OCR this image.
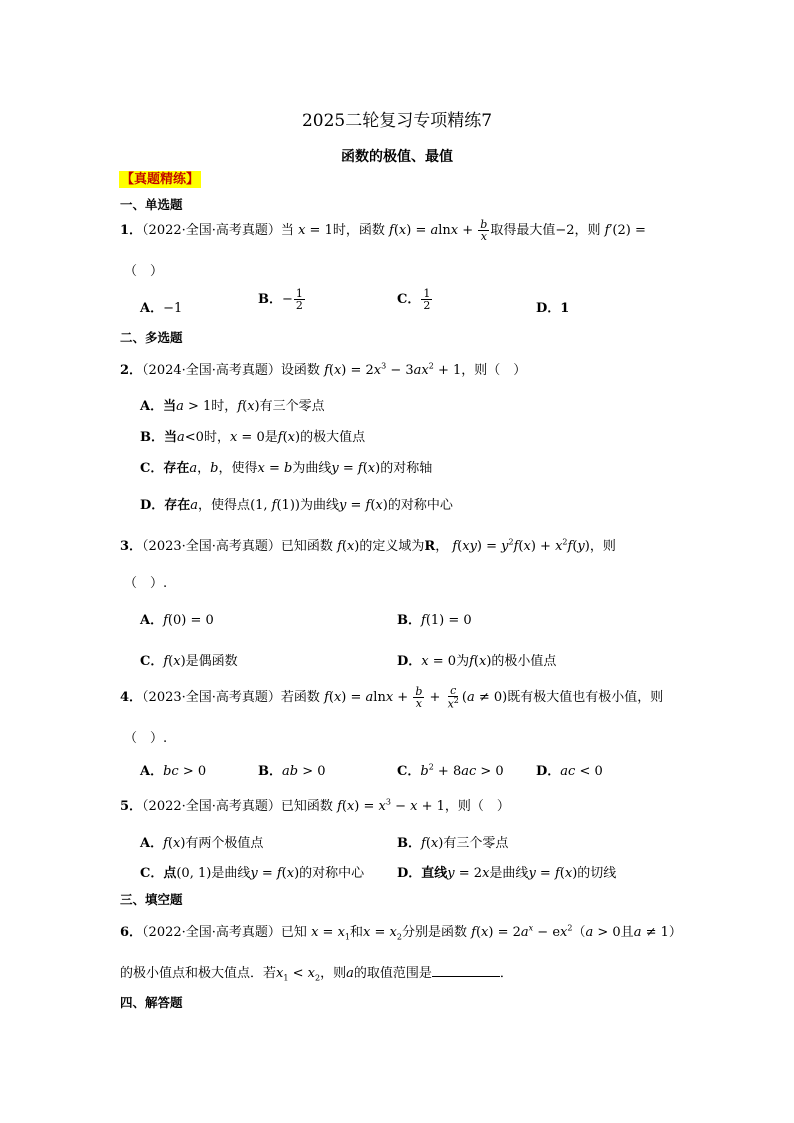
2025二轮复习专项精练7
函数的极值、最值
【真题精练】
一、单选题
1．（2022·全国·高考真题）当 x = 1时，函数 $f(x) = alnx + \frac{b}{x}$ 取得最大值−2，则 f′(2) =
（　）
A．−1
B．− $\frac{1}{2}$	C． $\frac{1}{2}$	D．1
二、多选题
2．（2024·全国·高考真题）设函数 $f(x) = 2x^3 - 3ax^2 + 1$，则（　）
A．当a > 1时，f(x)有三个零点
B．当a<0时，x = 0是f(x)的极大值点
C．存在a，b，使得x = b为曲线y = f(x)的对称轴
D．存在a，使得点(1, f(1))为曲线y = f(x)的对称中心
3．（2023·全国·高考真题）已知函数 f(x)的定义域为R， $f(xy) = y^2f(x) + x^2f(y)$，则
（　）.
A．f(0) = 0	B．f(1) = 0
C．f(x)是偶函数	D．x = 0为f(x)的极小值点
4．（2023·全国·高考真题）若函数 $f(x) = alnx + \frac{b}{x} + \frac{c}{x^2} (a \ne 0)$既有极大值也有极小值，则
（　）.
A．bc > 0	B．ab > 0	C．$b^2 + 8ac > 0$ D．ac < 0
5．（2022·全国·高考真题）已知函数 $f(x) = x^3 - x + 1$，则（　）
A．f(x)有两个极值点	B．f(x)有三个零点
C．点(0, 1)是曲线y = f(x)的对称中心	D．直线y = 2x是曲线y = f(x)的切线
三、填空题
6．（2022·全国·高考真题）已知 $x = x_1$和$x = x_2$分别是函数 $f(x) = 2a^x - ex^2(a > 0$且a ≠ 1）
的极小值点和极大值点．若$x_1 < x_2$，则a的取值范围是	．
四、解答题
